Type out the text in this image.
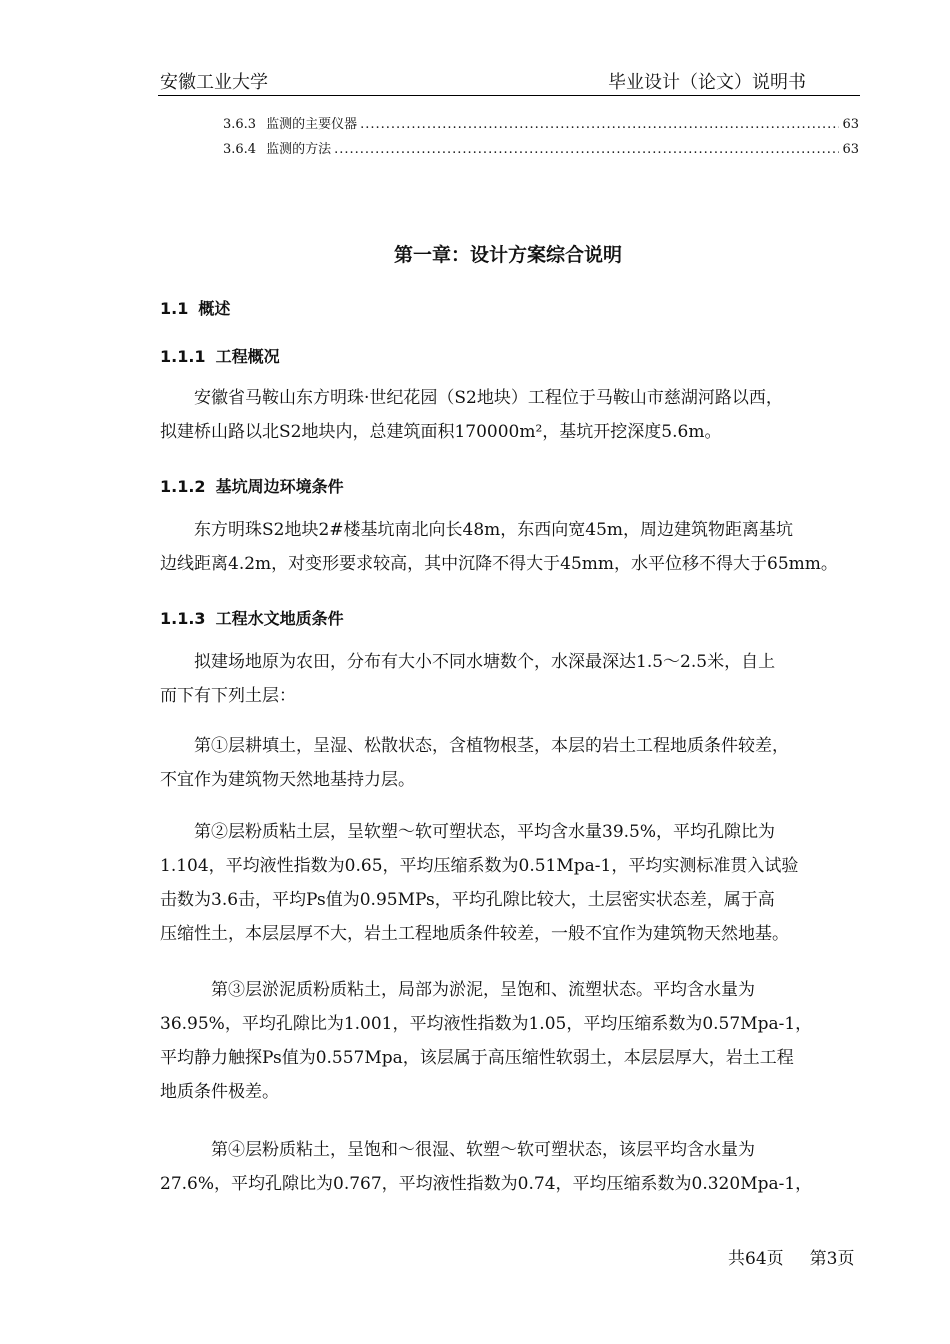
安徽工业大学	毕业设计（论文）说明书
3.6.3 监测的主要仪器 .....	63
3.6.4 监测的方法 .....	63
第一章：设计方案综合说明
1.1 概述
1.1.1 工程概况
　　安徽省马鞍山东方明珠·世纪花园（S2地块）工程位于马鞍山市慈湖河路以西，
拟建桥山路以北S2地块内，总建筑面积170000m²，基坑开挖深度5.6m。
1.1.2 基坑周边环境条件
　　东方明珠S2地块2#楼基坑南北向长48m，东西向宽45m，周边建筑物距离基坑
边线距离4.2m，对变形要求较高，其中沉降不得大于45mm，水平位移不得大于65mm。
1.1.3 工程水文地质条件
　　拟建场地原为农田，分布有大小不同水塘数个，水深最深达1.5～2.5米，自上
而下有下列土层：
　　第①层耕填土，呈湿、松散状态，含植物根茎，本层的岩土工程地质条件较差，
不宜作为建筑物天然地基持力层。
　　第②层粉质粘土层，呈软塑～软可塑状态，平均含水量39.5%，平均孔隙比为
1.104，平均液性指数为0.65，平均压缩系数为0.51Mpa-1，平均实测标准贯入试验
击数为3.6击，平均Ps值为0.95MPs，平均孔隙比较大，土层密实状态差，属于高
压缩性土，本层层厚不大，岩土工程地质条件较差，一般不宜作为建筑物天然地基。
　　　第③层淤泥质粉质粘土，局部为淤泥，呈饱和、流塑状态。平均含水量为
36.95%，平均孔隙比为1.001，平均液性指数为1.05，平均压缩系数为0.57Mpa-1，
平均静力触探Ps值为0.557Mpa，该层属于高压缩性软弱土，本层层厚大，岩土工程
地质条件极差。
　　　第④层粉质粘土，呈饱和～很湿、软塑～软可塑状态，该层平均含水量为
27.6%，平均孔隙比为0.767，平均液性指数为0.74，平均压缩系数为0.320Mpa-1，
共64页 第3页
